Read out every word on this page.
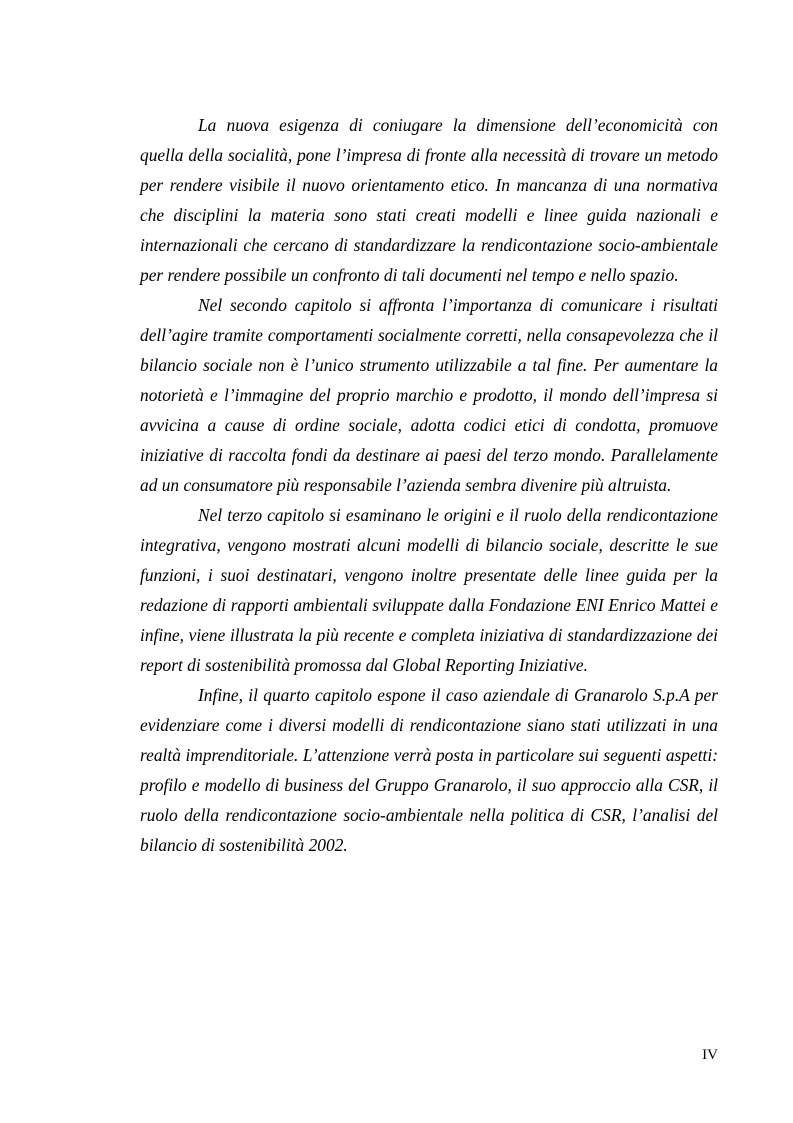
La nuova esigenza di coniugare la dimensione dell’economicità con quella della socialità, pone l’impresa di fronte alla necessità di trovare un metodo per rendere visibile il nuovo orientamento etico. In mancanza di una normativa che disciplini la materia sono stati creati modelli e linee guida nazionali e internazionali che cercano di standardizzare la rendicontazione socio-ambientale per rendere possibile un confronto di tali documenti nel tempo e nello spazio.

Nel secondo capitolo si affronta l’importanza di comunicare i risultati dell’agire tramite comportamenti socialmente corretti, nella consapevolezza che il bilancio sociale non è l’unico strumento utilizzabile a tal fine. Per aumentare la notorietà e l’immagine del proprio marchio e prodotto, il mondo dell’impresa si avvicina a cause di ordine sociale, adotta codici etici di condotta, promuove iniziative di raccolta fondi da destinare ai paesi del terzo mondo. Parallelamente ad un consumatore più responsabile l’azienda sembra divenire più altruista.

Nel terzo capitolo si esaminano le origini e il ruolo della rendicontazione integrativa, vengono mostrati alcuni modelli di bilancio sociale, descritte le sue funzioni, i suoi destinatari, vengono inoltre presentate delle linee guida per la redazione di rapporti ambientali sviluppate dalla Fondazione ENI Enrico Mattei e infine, viene illustrata la più recente e completa iniziativa di standardizzazione dei report di sostenibilità promossa dal Global Reporting Iniziative.

Infine, il quarto capitolo espone il caso aziendale di Granarolo S.p.A per evidenziare come i diversi modelli di rendicontazione siano stati utilizzati in una realtà imprenditoriale. L’attenzione verrà posta in particolare sui seguenti aspetti: profilo e modello di business del Gruppo Granarolo, il suo approccio alla CSR, il ruolo della rendicontazione socio-ambientale nella politica di CSR, l’analisi del bilancio di sostenibilità 2002.

IV
